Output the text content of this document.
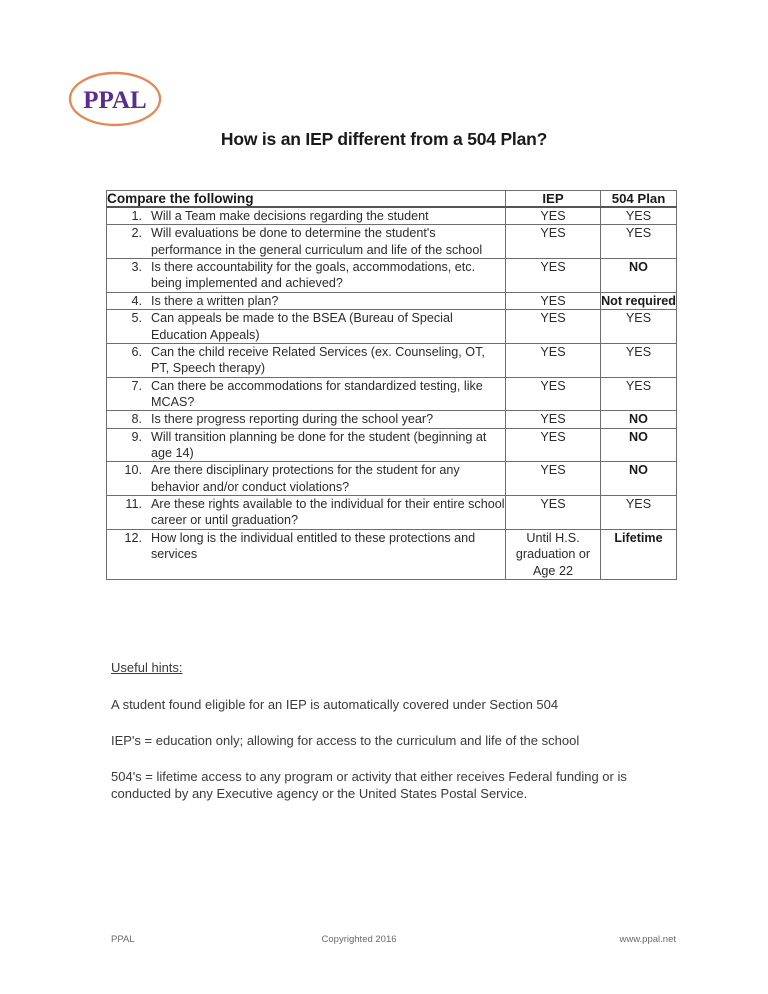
PPAL
How is an IEP different from a 504 Plan?
Compare the following	IEP	504 Plan

1. Will a Team make decisions regarding the student	YES	YES

2. Will evaluations be done to determine the student's performance in the general curriculum and life of the school	YES	YES

3. Is there accountability for the goals, accommodations, etc. being implemented and achieved?	YES	NO

4. Is there a written plan?	YES	Not required

5. Can appeals be made to the BSEA (Bureau of Special Education Appeals)	YES	YES

6. Can the child receive Related Services (ex. Counseling, OT, PT, Speech therapy)	YES	YES

7. Can there be accommodations for standardized testing, like MCAS?	YES	YES

8. Is there progress reporting during the school year?	YES	NO

9. Will transition planning be done for the student (beginning at age 14)	YES	NO

10. Are there disciplinary protections for the student for any behavior and/or conduct violations?	YES	NO

11. Are these rights available to the individual for their entire school career or until graduation?	YES	YES

12. How long is the individual entitled to these protections and services	Until H.S. graduation or Age 22	Lifetime
Useful hints:

A student found eligible for an IEP is automatically covered under Section 504

IEP's = education only; allowing for access to the curriculum and life of the school

504's = lifetime access to any program or activity that either receives Federal funding or is conducted by any Executive agency or the United States Postal Service.

PPAL	Copyrighted 2016	www.ppal.net
